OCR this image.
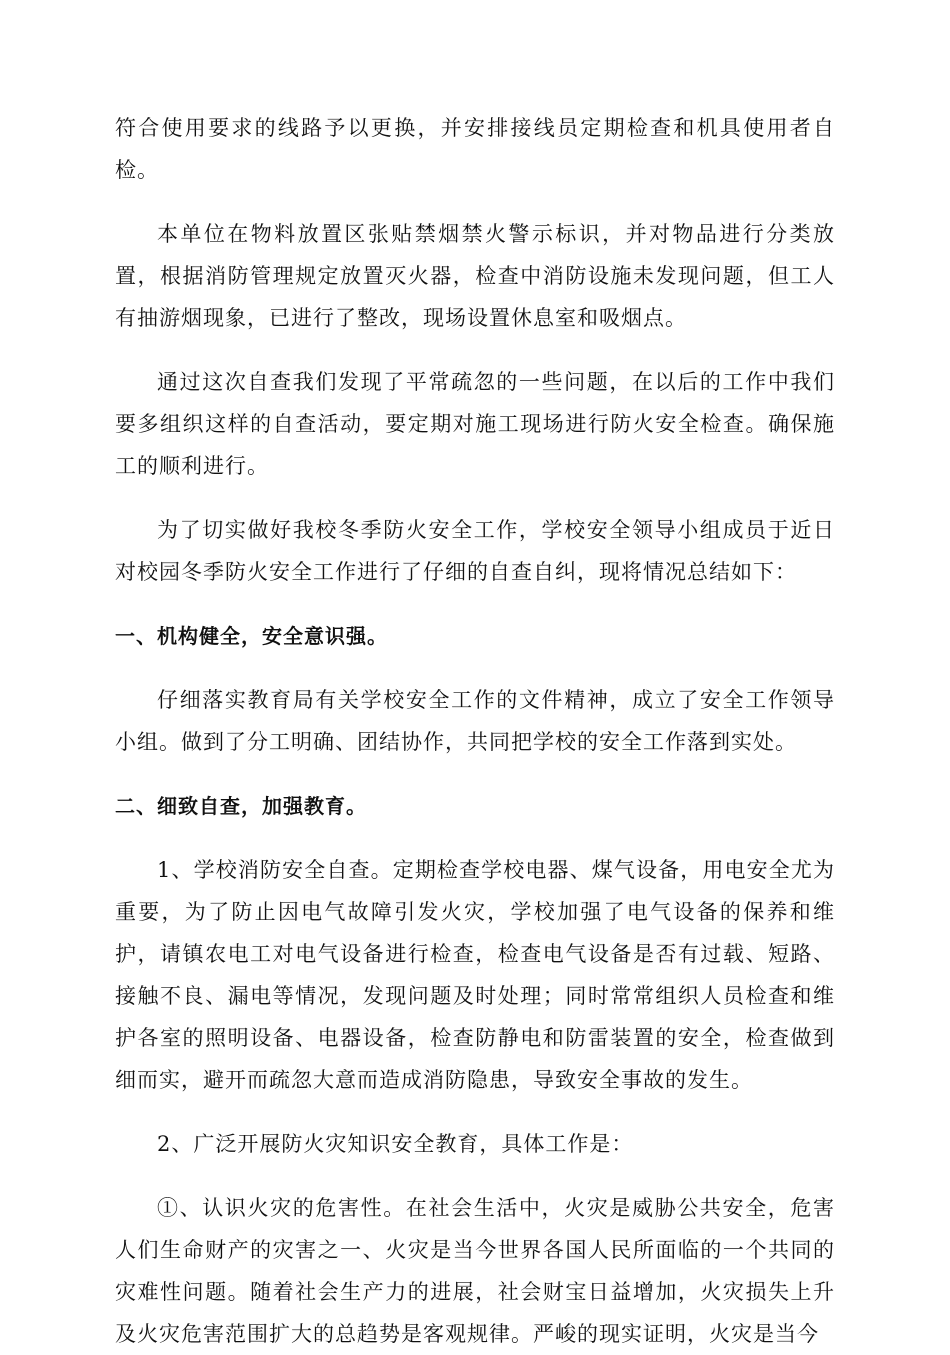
符合使用要求的线路予以更换，并安排接线员定期检查和机具使用者自检。

本单位在物料放置区张贴禁烟禁火警示标识，并对物品进行分类放置，根据消防管理规定放置灭火器，检查中消防设施未发现问题，但工人有抽游烟现象，已进行了整改，现场设置休息室和吸烟点。

通过这次自查我们发现了平常疏忽的一些问题，在以后的工作中我们要多组织这样的自查活动，要定期对施工现场进行防火安全检查。确保施工的顺利进行。

为了切实做好我校冬季防火安全工作，学校安全领导小组成员于近日对校园冬季防火安全工作进行了仔细的自查自纠，现将情况总结如下：

一、机构健全，安全意识强。

仔细落实教育局有关学校安全工作的文件精神，成立了安全工作领导小组。做到了分工明确、团结协作，共同把学校的安全工作落到实处。

二、细致自查，加强教育。

1、学校消防安全自查。定期检查学校电器、煤气设备，用电安全尤为重要，为了防止因电气故障引发火灾，学校加强了电气设备的保养和维护，请镇农电工对电气设备进行检查，检查电气设备是否有过载、短路、接触不良、漏电等情况，发现问题及时处理；同时常常组织人员检查和维护各室的照明设备、电器设备，检查防静电和防雷装置的安全，检查做到细而实，避开而疏忽大意而造成消防隐患，导致安全事故的发生。

2、广泛开展防火灾知识安全教育，具体工作是：

①、认识火灾的危害性。在社会生活中，火灾是威胁公共安全，危害人们生命财产的灾害之一、火灾是当今世界各国人民所面临的一个共同的灾难性问题。随着社会生产力的进展，社会财宝日益增加，火灾损失上升及火灾危害范围扩大的总趋势是客观规律。严峻的现实证明，火灾是当今
